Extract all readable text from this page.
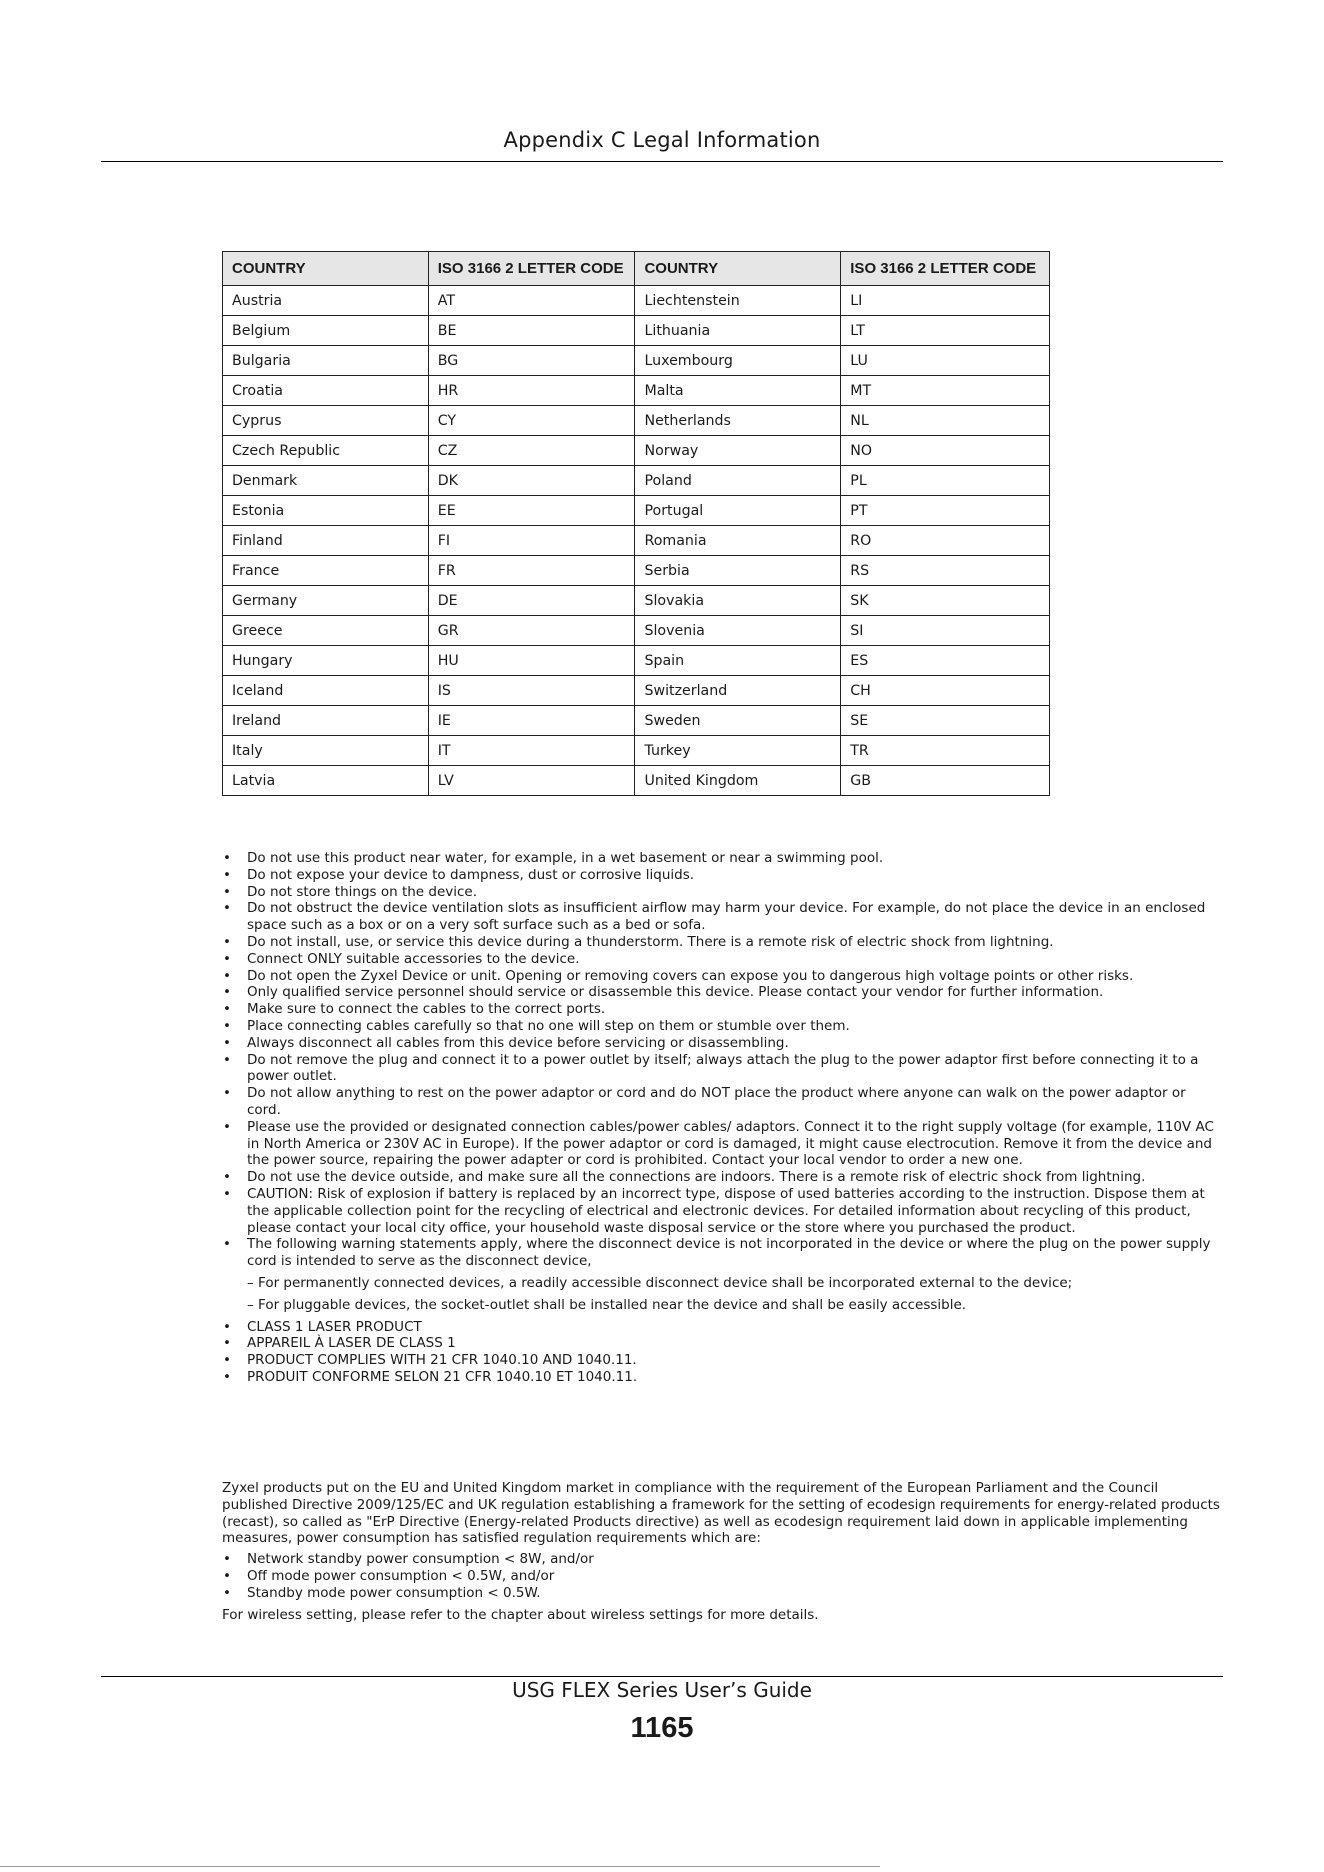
Appendix C Legal Information
COUNTRY	ISO 3166 2 LETTER CODE	COUNTRY	ISO 3166 2 LETTER CODE
Austria	AT	Liechtenstein	LI
Belgium	BE	Lithuania	LT
Bulgaria	BG	Luxembourg	LU
Croatia	HR	Malta	MT
Cyprus	CY	Netherlands	NL
Czech Republic	CZ	Norway	NO
Denmark	DK	Poland	PL
Estonia	EE	Portugal	PT
Finland	FI	Romania	RO
France	FR	Serbia	RS
Germany	DE	Slovakia	SK
Greece	GR	Slovenia	SI
Hungary	HU	Spain	ES
Iceland	IS	Switzerland	CH
Ireland	IE	Sweden	SE
Italy	IT	Turkey	TR
Latvia	LV	United Kingdom	GB
• Do not use this product near water, for example, in a wet basement or near a swimming pool.
• Do not expose your device to dampness, dust or corrosive liquids.
• Do not store things on the device.
• Do not obstruct the device ventilation slots as insufficient airflow may harm your device. For example, do not place the device in an enclosed space such as a box or on a very soft surface such as a bed or sofa.
• Do not install, use, or service this device during a thunderstorm. There is a remote risk of electric shock from lightning.
• Connect ONLY suitable accessories to the device.
• Do not open the Zyxel Device or unit. Opening or removing covers can expose you to dangerous high voltage points or other risks.
• Only qualified service personnel should service or disassemble this device. Please contact your vendor for further information.
• Make sure to connect the cables to the correct ports.
• Place connecting cables carefully so that no one will step on them or stumble over them.
• Always disconnect all cables from this device before servicing or disassembling.
• Do not remove the plug and connect it to a power outlet by itself; always attach the plug to the power adaptor first before connecting it to a power outlet.
• Do not allow anything to rest on the power adaptor or cord and do NOT place the product where anyone can walk on the power adaptor or cord.
• Please use the provided or designated connection cables/power cables/ adaptors. Connect it to the right supply voltage (for example, 110V AC in North America or 230V AC in Europe). If the power adaptor or cord is damaged, it might cause electrocution. Remove it from the device and the power source, repairing the power adapter or cord is prohibited. Contact your local vendor to order a new one.
• Do not use the device outside, and make sure all the connections are indoors. There is a remote risk of electric shock from lightning.
• CAUTION: Risk of explosion if battery is replaced by an incorrect type, dispose of used batteries according to the instruction. Dispose them at the applicable collection point for the recycling of electrical and electronic devices. For detailed information about recycling of this product, please contact your local city office, your household waste disposal service or the store where you purchased the product.
• The following warning statements apply, where the disconnect device is not incorporated in the device or where the plug on the power supply cord is intended to serve as the disconnect device,
– For permanently connected devices, a readily accessible disconnect device shall be incorporated external to the device;
– For pluggable devices, the socket-outlet shall be installed near the device and shall be easily accessible.
• CLASS 1 LASER PRODUCT
• APPAREIL À LASER DE CLASS 1
• PRODUCT COMPLIES WITH 21 CFR 1040.10 AND 1040.11.
• PRODUIT CONFORME SELON 21 CFR 1040.10 ET 1040.11.

Zyxel products put on the EU and United Kingdom market in compliance with the requirement of the European Parliament and the Council published Directive 2009/125/EC and UK regulation establishing a framework for the setting of ecodesign requirements for energy-related products (recast), so called as "ErP Directive (Energy-related Products directive) as well as ecodesign requirement laid down in applicable implementing measures, power consumption has satisfied regulation requirements which are:

• Network standby power consumption < 8W, and/or
• Off mode power consumption < 0.5W, and/or
• Standby mode power consumption < 0.5W.

For wireless setting, please refer to the chapter about wireless settings for more details.

USG FLEX Series User’s Guide
1165
